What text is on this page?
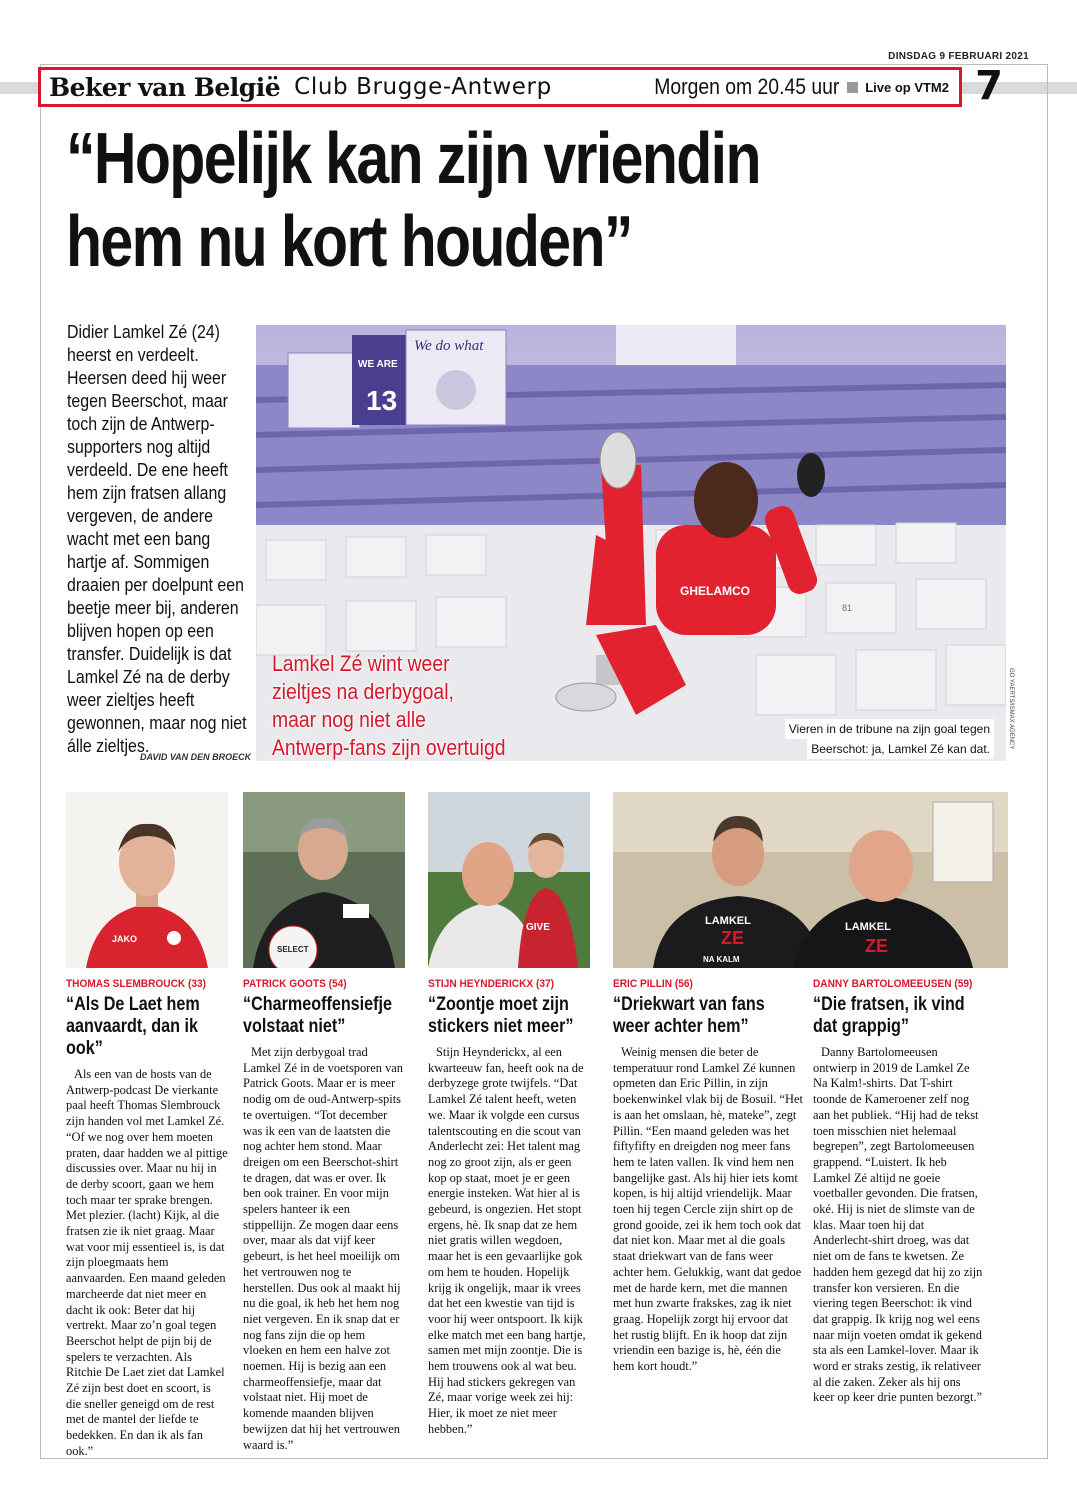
DINSDAG 9 FEBRUARI 2021
Beker van België Club Brugge-Antwerp	Morgen om 20.45 uur Live op VTM2 7
“Hopelijk kan zijn vriendin
hem nu kort houden”
Didier Lamkel Zé (24) heerst en verdeelt. Heersen deed hij weer tegen Beerschot, maar toch zijn de Antwerp-supporters nog altijd verdeeld. De ene heeft hem zijn fratsen allang vergeven, de andere wacht met een bang hartje af. Sommigen draaien per doelpunt een beetje meer bij, anderen blijven hopen op een transfer. Duidelijk is dat Lamkel Zé na de derby weer zieltjes heeft gewonnen, maar nog niet álle zieltjes.
DAVID VAN DEN BROECK
WE ARE
13
We do what
GHELAMCO
81
Lamkel Zé wint weer
zieltjes na derbygoal,
maar nog niet alle
Antwerp-fans zijn overtuigd
Vieren in de tribune na zijn goal tegen
Beerschot: ja, Lamkel Zé kan dat.	GO YAERTS/ISMAX AGENCY
JAKO
THOMAS SLEMBROUCK (33)
“Als De Laet hem aanvaardt, dan ik ook”
Als een van de hosts van de Antwerp-podcast De vierkante paal heeft Thomas Slembrouck zijn handen vol met Lamkel Zé. “Of we nog over hem moeten praten, daar hadden we al pittige discussies over. Maar nu hij in de derby scoort, gaan we hem toch maar ter sprake brengen. Met plezier. (lacht) Kijk, al die fratsen zie ik niet graag. Maar wat voor mij essentieel is, is dat zijn ploegmaats hem aanvaarden. Een maand geleden marcheerde dat niet meer en dacht ik ook: Beter dat hij vertrekt. Maar zo’n goal tegen Beerschot helpt de pijn bij de spelers te verzachten. Als Ritchie De Laet ziet dat Lamkel Zé zijn best doet en scoort, is die sneller geneigd om de rest met de mantel der liefde te bedekken. En dan ik als fan ook.”
SELECT
PATRICK GOOTS (54)
“Charmeoffensiefje volstaat niet”
Met zijn derbygoal trad Lamkel Zé in de voetsporen van Patrick Goots. Maar er is meer nodig om de oud-Antwerp-spits te overtuigen. “Tot december was ik een van de laatsten die nog achter hem stond. Maar dreigen om een Beerschot-shirt te dragen, dat was er over. Ik ben ook trainer. En voor mijn spelers hanteer ik een stippellijn. Ze mogen daar eens over, maar als dat vijf keer gebeurt, is het heel moeilijk om het vertrouwen nog te herstellen. Dus ook al maakt hij nu die goal, ik heb het hem nog niet vergeven. En ik snap dat er nog fans zijn die op hem vloeken en hem een halve zot noemen. Hij is bezig aan een charmeoffensiefje, maar dat volstaat niet. Hij moet de komende maanden blijven bewijzen dat hij het vertrouwen waard is.”
GIVE
STIJN HEYNDERICKX (37)
“Zoontje moet zijn stickers niet meer”
Stijn Heynderickx, al een kwarteeuw fan, heeft ook na de derbyzege grote twijfels. “Dat Lamkel Zé talent heeft, weten we. Maar ik volgde een cursus talentscouting en die scout van Anderlecht zei: Het talent mag nog zo groot zijn, als er geen kop op staat, moet je er geen energie insteken. Wat hier al is gebeurd, is ongezien. Het stopt ergens, hè. Ik snap dat ze hem niet gratis willen wegdoen, maar het is een gevaarlijke gok om hem te houden. Hopelijk krijg ik ongelijk, maar ik vrees dat het een kwestie van tijd is voor hij weer ontspoort. Ik kijk elke match met een bang hartje, samen met mijn zoontje. Die is hem trouwens ook al wat beu. Hij had stickers gekregen van Zé, maar vorige week zei hij: Hier, ik moet ze niet meer hebben.”
LAMKEL
ZE
NA KALM
LAMKEL
ZE
ERIC PILLIN (56)
“Driekwart van fans weer achter hem”
Weinig mensen die beter de temperatuur rond Lamkel Zé kunnen opmeten dan Eric Pillin, in zijn boekenwinkel vlak bij de Bosuil. “Het is aan het omslaan, hè, mateke”, zegt Pillin. “Een maand geleden was het fiftyfifty en dreigden nog meer fans hem te laten vallen. Ik vind hem nen bangelijke gast. Als hij hier iets komt kopen, is hij altijd vriendelijk. Maar toen hij tegen Cercle zijn shirt op de grond gooide, zei ik hem toch ook dat dat niet kon. Maar met al die goals staat driekwart van de fans weer achter hem. Gelukkig, want dat gedoe met de harde kern, met die mannen met hun zwarte frakskes, zag ik niet graag. Hopelijk zorgt hij ervoor dat het rustig blijft. En ik hoop dat zijn vriendin een bazige is, hè, één die hem kort houdt.”
DANNY BARTOLOMEEUSEN (59)
“Die fratsen, ik vind dat grappig”
Danny Bartolomeeusen ontwierp in 2019 de Lamkel Ze Na Kalm!-shirts. Dat T-shirt toonde de Kameroener zelf nog aan het publiek. “Hij had de tekst toen misschien niet helemaal begrepen”, zegt Bartolomeeusen grappend. “Luistert. Ik heb Lamkel Zé altijd ne goeie voetballer gevonden. Die fratsen, oké. Hij is niet de slimste van de klas. Maar toen hij dat Anderlecht-shirt droeg, was dat niet om de fans te kwetsen. Ze hadden hem gezegd dat hij zo zijn transfer kon versieren. En die viering tegen Beerschot: ik vind dat grappig. Ik krijg nog wel eens naar mijn voeten omdat ik gekend sta als een Lamkel-lover. Maar ik word er straks zestig, ik relativeer al die zaken. Zeker als hij ons keer op keer drie punten bezorgt.”
